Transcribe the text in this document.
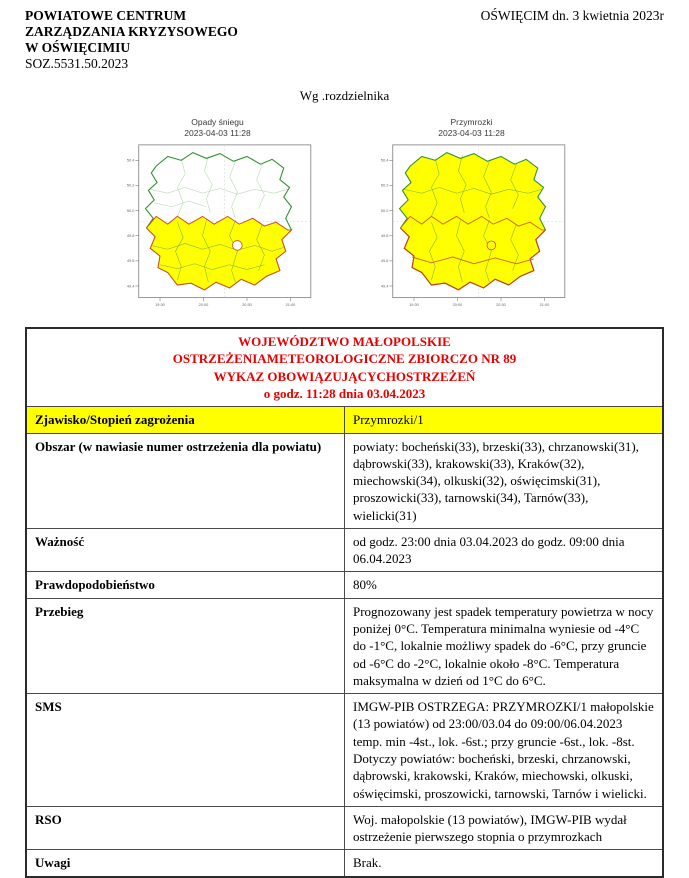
POWIATOWE CENTRUM
ZARZĄDZANIA KRYZYSOWEGO
W OŚWIĘCIMIU
SOZ.5531.50.2023
OŚWIĘCIM dn. 3 kwietnia 2023r
Wg .rozdzielnika
Opady śniegu
2023-04-03 11:28
50.4
50.2
50.0
49.8
49.6
49.4
19:30	20:00	20:30	21:00
Przymrozki
2023-04-03 11:28
50.4
50.2
50.0
49.8
49.6
49.4
19:30	20:00	20:30	21:00
WOJEWÓDZTWO MAŁOPOLSKIE
OSTRZEŻENIAMETEOROLOGICZNE ZBIORCZO NR 89
WYKAZ OBOWIĄZUJĄCYCHOSTRZEŻEŃ
o godz. 11:28 dnia 03.04.2023	

Zjawisko/Stopień zagrożenia	Przymrozki/1
Obszar (w nawiasie numer ostrzeżenia dla powiatu)	powiaty: bocheński(33), brzeski(33), chrzanowski(31), dąbrowski(33), krakowski(33), Kraków(32), miechowski(34), olkuski(32), oświęcimski(31), proszowicki(33), tarnowski(34), Tarnów(33), wielicki(31)
Ważność	od godz. 23:00 dnia 03.04.2023 do godz. 09:00 dnia 06.04.2023
Prawdopodobieństwo	80%
Przebieg	Prognozowany jest spadek temperatury powietrza w nocy poniżej 0°C. Temperatura minimalna wyniesie od -4°C do -1°C, lokalnie możliwy spadek do -6°C, przy gruncie od -6°C do -2°C, lokalnie około -8°C. Temperatura maksymalna w dzień od 1°C do 6°C.
SMS	IMGW-PIB OSTRZEGA: PRZYMROZKI/1 małopolskie (13 powiatów) od 23:00/03.04 do 09:00/06.04.2023 temp. min -4st., lok. -6st.; przy gruncie -6st., lok. -8st. Dotyczy powiatów: bocheński, brzeski, chrzanowski, dąbrowski, krakowski, Kraków, miechowski, olkuski, oświęcimski, proszowicki, tarnowski, Tarnów i wielicki.
RSO	Woj. małopolskie (13 powiatów), IMGW-PIB wydał ostrzeżenie pierwszego stopnia o przymrozkach
Uwagi	Brak.
